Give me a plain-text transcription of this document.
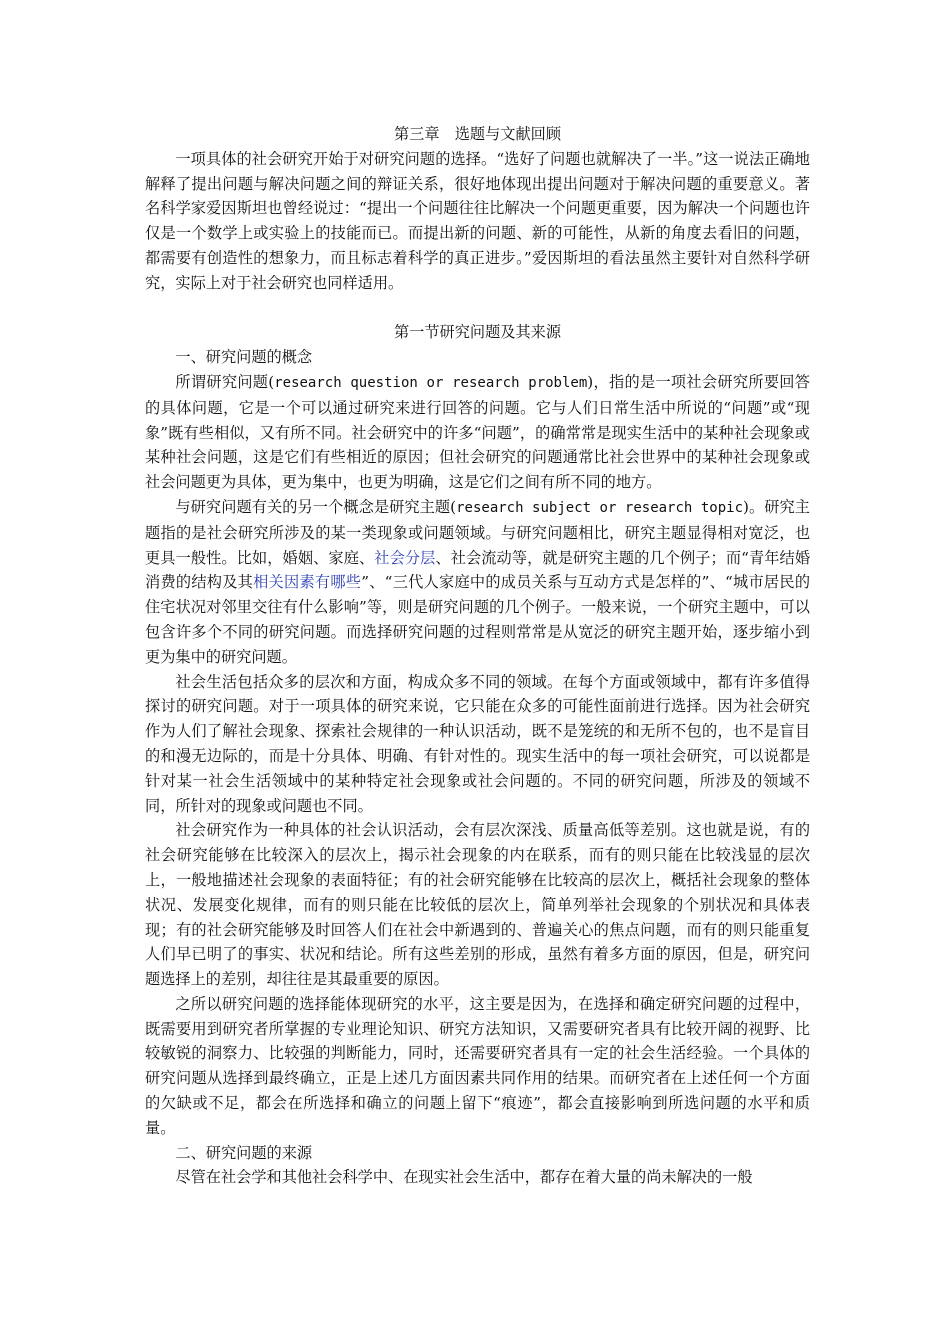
第三章　选题与文献回顾

一项具体的社会研究开始于对研究问题的选择。“选好了问题也就解决了一半。”这一说法正确地解释了提出问题与解决问题之间的辩证关系，很好地体现出提出问题对于解决问题的重要意义。著名科学家爱因斯坦也曾经说过：“提出一个问题往往比解决一个问题更重要，因为解决一个问题也许仅是一个数学上或实验上的技能而已。而提出新的问题、新的可能性，从新的角度去看旧的问题，都需要有创造性的想象力，而且标志着科学的真正进步。”爱因斯坦的看法虽然主要针对自然科学研究，实际上对于社会研究也同样适用。

第一节研究问题及其来源
一、研究问题的概念

所谓研究问题(research question or research problem)，指的是一项社会研究所要回答的具体问题，它是一个可以通过研究来进行回答的问题。它与人们日常生活中所说的“问题”或“现象”既有些相似，又有所不同。社会研究中的许多“问题”，的确常常是现实生活中的某种社会现象或某种社会问题，这是它们有些相近的原因；但社会研究的问题通常比社会世界中的某种社会现象或社会问题更为具体，更为集中，也更为明确，这是它们之间有所不同的地方。

与研究问题有关的另一个概念是研究主题(research subject or research topic)。研究主题指的是社会研究所涉及的某一类现象或问题领域。与研究问题相比，研究主题显得相对宽泛，也更具一般性。比如，婚姻、家庭、社会分层、社会流动等，就是研究主题的几个例子；而“青年结婚消费的结构及其相关因素有哪些”、“三代人家庭中的成员关系与互动方式是怎样的”、“城市居民的住宅状况对邻里交往有什么影响”等，则是研究问题的几个例子。一般来说，一个研究主题中，可以包含许多个不同的研究问题。而选择研究问题的过程则常常是从宽泛的研究主题开始，逐步缩小到更为集中的研究问题。

社会生活包括众多的层次和方面，构成众多不同的领域。在每个方面或领域中，都有许多值得探讨的研究问题。对于一项具体的研究来说，它只能在众多的可能性面前进行选择。因为社会研究作为人们了解社会现象、探索社会规律的一种认识活动，既不是笼统的和无所不包的，也不是盲目的和漫无边际的，而是十分具体、明确、有针对性的。现实生活中的每一项社会研究，可以说都是针对某一社会生活领域中的某种特定社会现象或社会问题的。不同的研究问题，所涉及的领域不同，所针对的现象或问题也不同。

社会研究作为一种具体的社会认识活动，会有层次深浅、质量高低等差别。这也就是说，有的社会研究能够在比较深入的层次上，揭示社会现象的内在联系，而有的则只能在比较浅显的层次上，一般地描述社会现象的表面特征；有的社会研究能够在比较高的层次上，概括社会现象的整体状况、发展变化规律，而有的则只能在比较低的层次上，简单列举社会现象的个别状况和具体表现；有的社会研究能够及时回答人们在社会中新遇到的、普遍关心的焦点问题，而有的则只能重复人们早已明了的事实、状况和结论。所有这些差别的形成，虽然有着多方面的原因，但是，研究问题选择上的差别，却往往是其最重要的原因。

之所以研究问题的选择能体现研究的水平，这主要是因为，在选择和确定研究问题的过程中，既需要用到研究者所掌握的专业理论知识、研究方法知识，又需要研究者具有比较开阔的视野、比较敏锐的洞察力、比较强的判断能力，同时，还需要研究者具有一定的社会生活经验。一个具体的研究问题从选择到最终确立，正是上述几方面因素共同作用的结果。而研究者在上述任何一个方面的欠缺或不足，都会在所选择和确立的问题上留下“痕迹”，都会直接影响到所选问题的水平和质量。

二、研究问题的来源

尽管在社会学和其他社会科学中、在现实社会生活中，都存在着大量的尚未解决的一般
